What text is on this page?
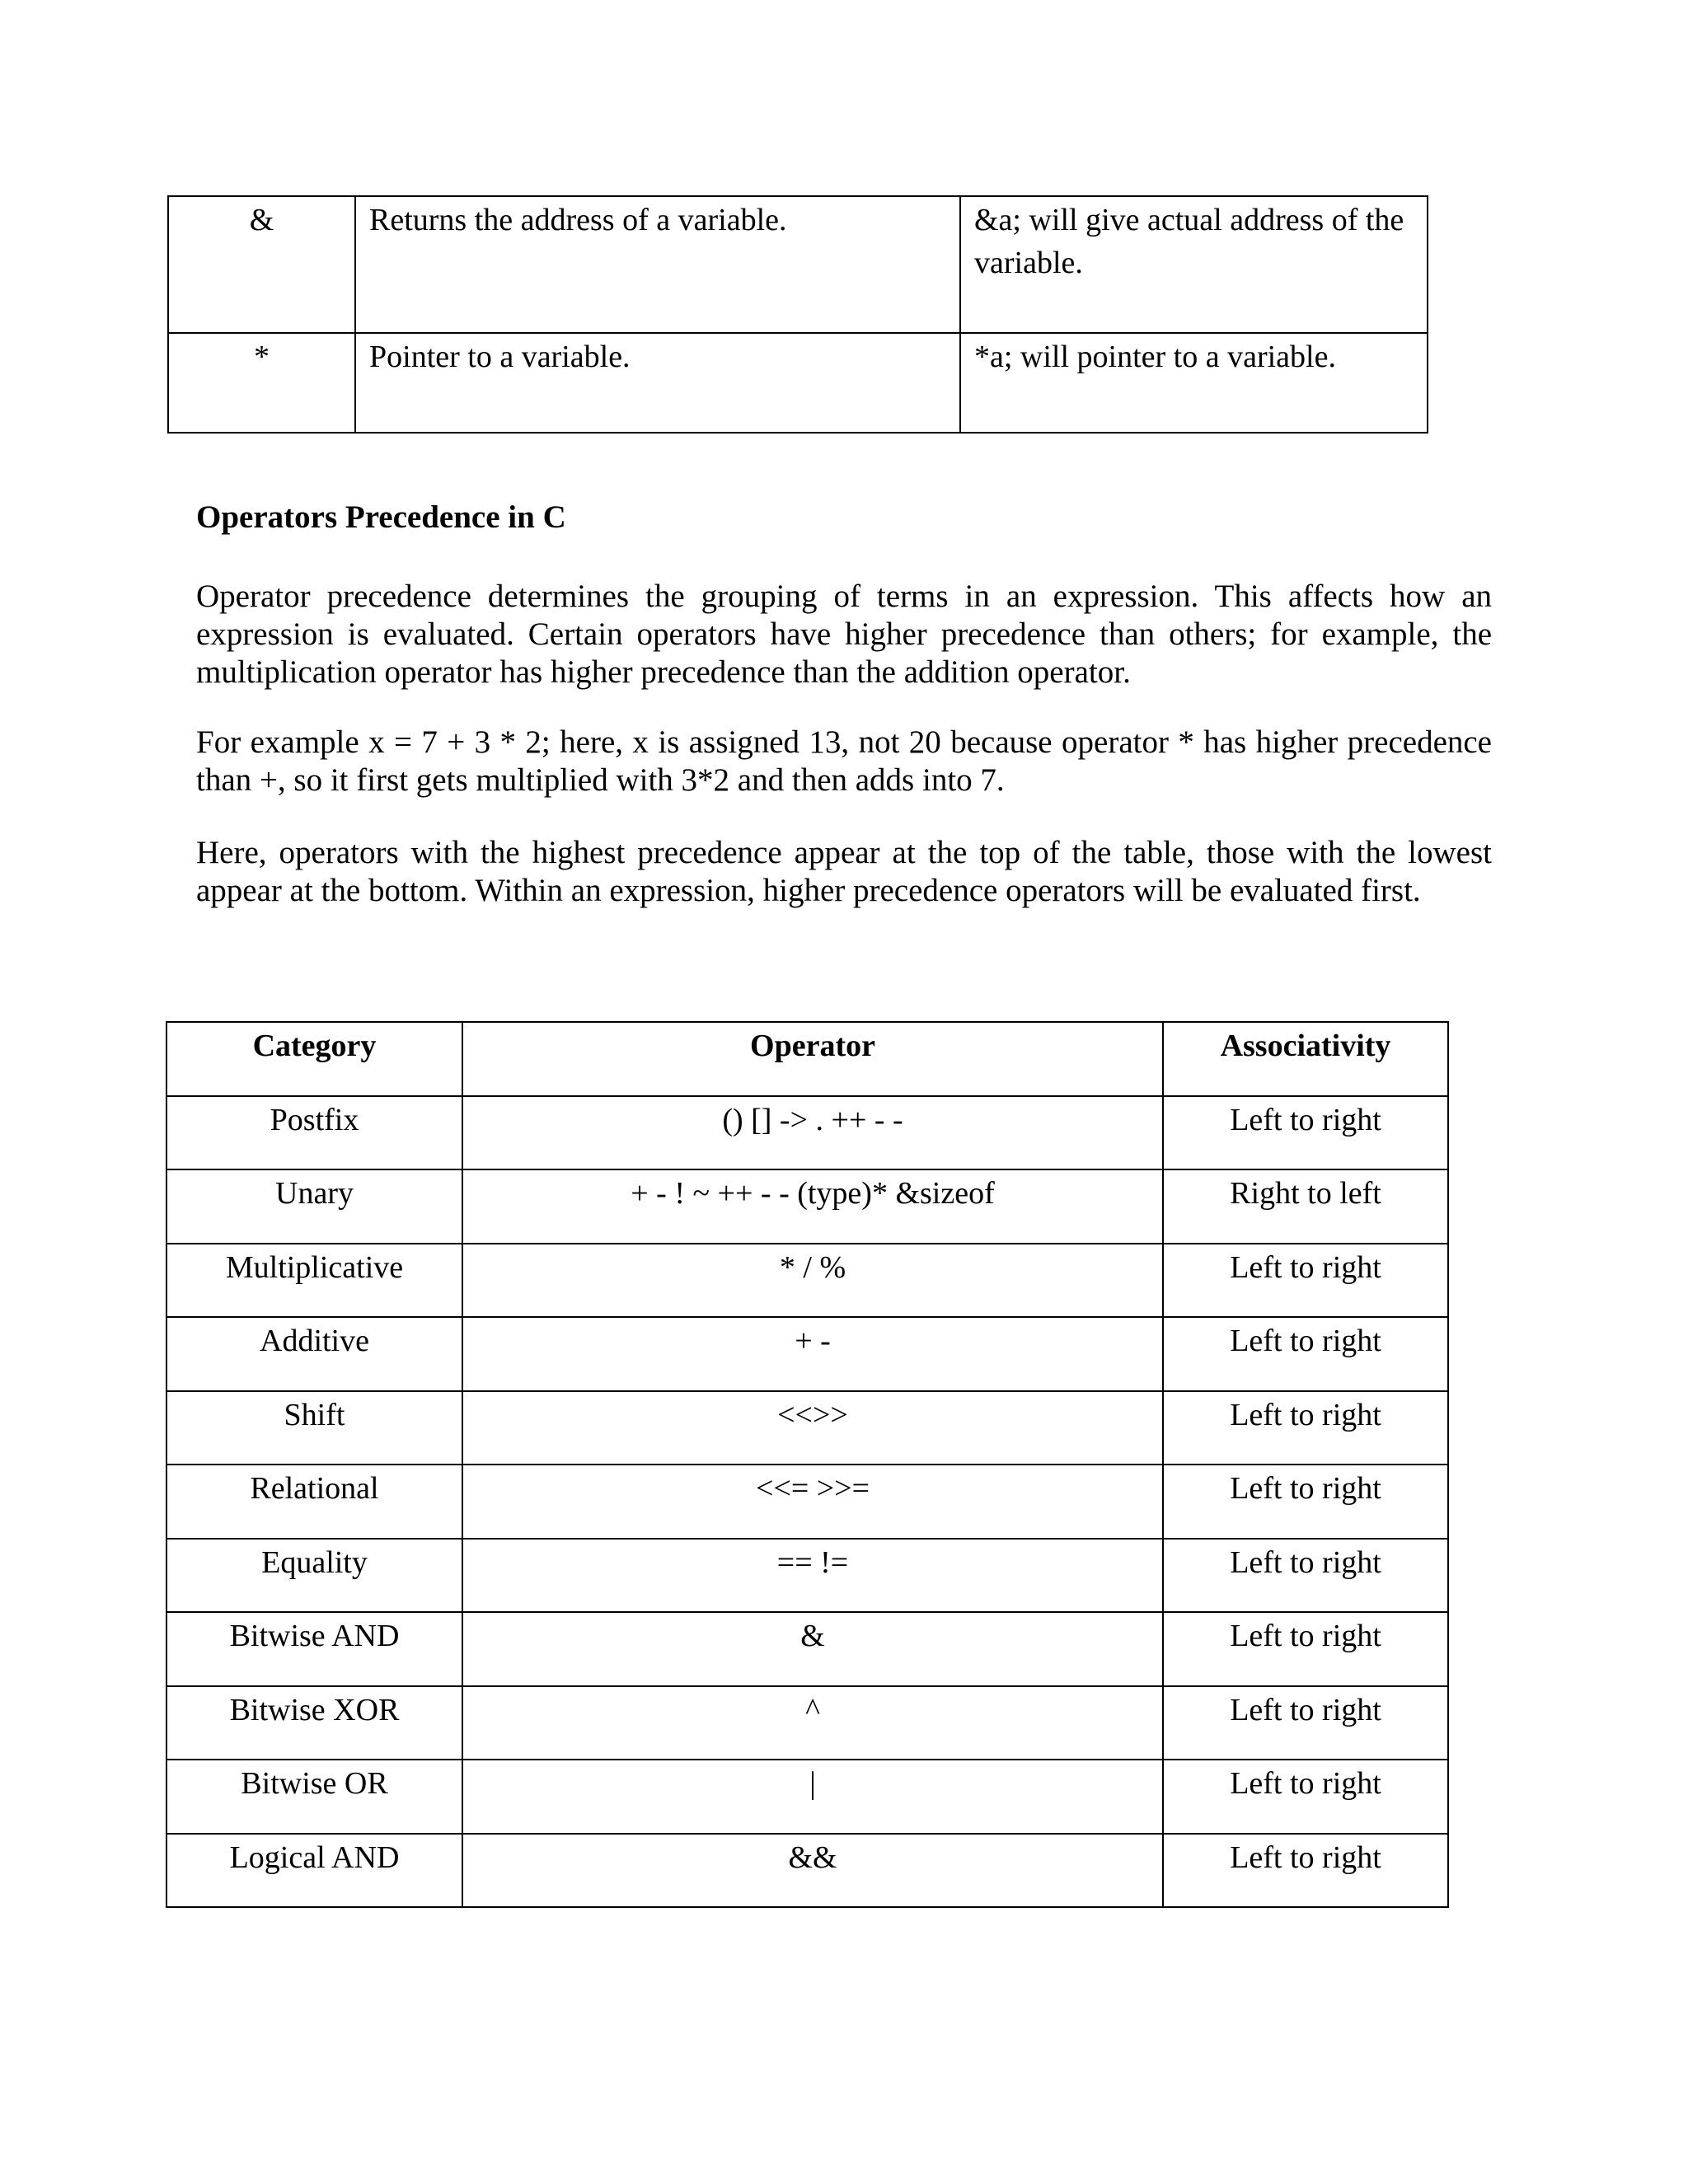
&	Returns the address of a variable.	&a; will give actual address of the variable.
*	Pointer to a variable.	*a; will pointer to a variable.
Operators Precedence in C

Operator precedence determines the grouping of terms in an expression. This affects how an expression is evaluated. Certain operators have higher precedence than others; for example, the multiplication operator has higher precedence than the addition operator.

For example x = 7 + 3 * 2; here, x is assigned 13, not 20 because operator * has higher precedence than +, so it first gets multiplied with 3*2 and then adds into 7.

Here, operators with the highest precedence appear at the top of the table, those with the lowest appear at the bottom. Within an expression, higher precedence operators will be evaluated first.

Category	Operator	Associativity
Postfix	() [] -> . ++ - -	Left to right
Unary	+ - ! ~ ++ - - (type)* &sizeof	Right to left
Multiplicative	* / %	Left to right
Additive	+ -	Left to right
Shift	<<>>	Left to right
Relational	<<= >>=	Left to right
Equality	== !=	Left to right
Bitwise AND	&	Left to right
Bitwise XOR	^	Left to right
Bitwise OR	|	Left to right
Logical AND	&&	Left to right
